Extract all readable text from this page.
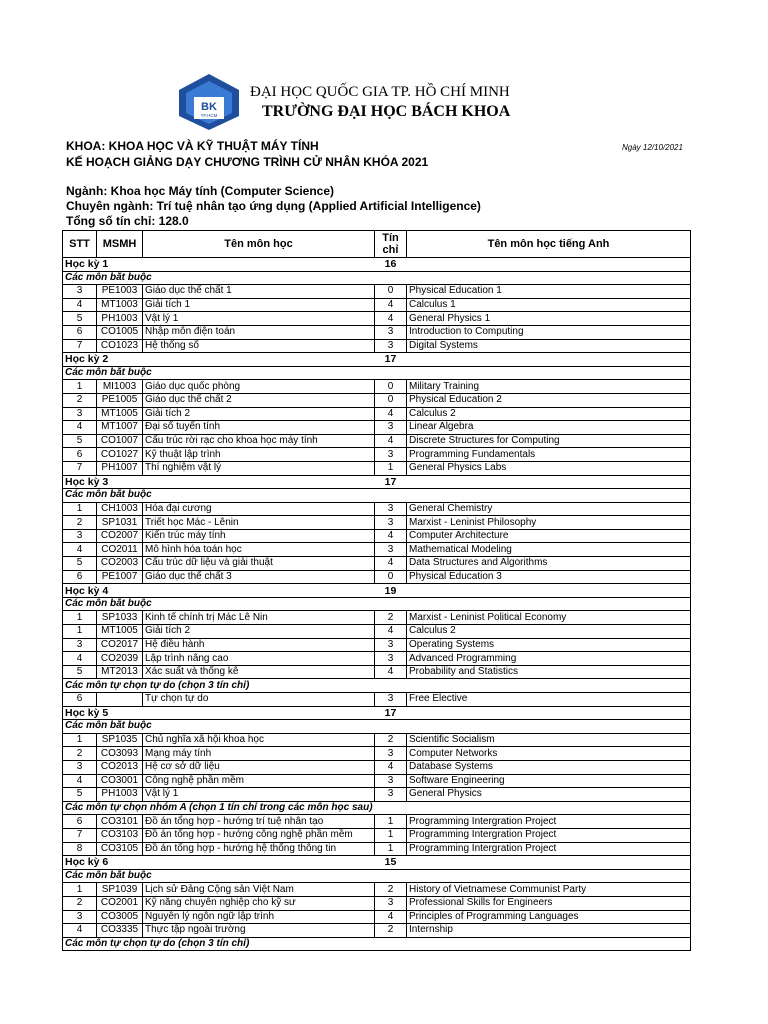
BK
TP.HCM
ĐẠI HỌC QUỐC GIA TP. HỒ CHÍ MINH
TRƯỜNG ĐẠI HỌC BÁCH KHOA
KHOA: KHOA HỌC VÀ KỸ THUẬT MÁY TÍNH	Ngày 12/10/2021
KẾ HOẠCH GIẢNG DẠY CHƯƠNG TRÌNH CỬ NHÂN KHÓA 2021
Ngành: Khoa học Máy tính (Computer Science)
Chuyên ngành: Trí tuệ nhân tạo ứng dụng (Applied Artificial Intelligence)
Tổng số tín chỉ: 128.0
STT	MSMH	Tên môn học	Tín chỉ	Tên môn học tiếng Anh
Học kỳ 1			16	
Các môn bắt buộc				
3	PE1003	Giáo dục thể chất 1	0	Physical Education 1
4	MT1003	Giải tích 1	4	Calculus 1
5	PH1003	Vật lý 1	4	General Physics 1
6	CO1005	Nhập môn điện toán	3	Introduction to Computing
7	CO1023	Hệ thống số	3	Digital Systems
Học kỳ 2			17	
Các môn bắt buộc				
1	MI1003	Giáo dục quốc phòng	0	Military Training
2	PE1005	Giáo dục thể chất 2	0	Physical Education 2
3	MT1005	Giải tích 2	4	Calculus 2
4	MT1007	Đại số tuyến tính	3	Linear Algebra
5	CO1007	Cấu trúc rời rạc cho khoa học máy tính	4	Discrete Structures for Computing
6	CO1027	Kỹ thuật lập trình	3	Programming Fundamentals
7	PH1007	Thí nghiệm vật lý	1	General Physics Labs
Học kỳ 3			17	
Các môn bắt buộc				
1	CH1003	Hóa đại cương	3	General Chemistry
2	SP1031	Triết học Mác - Lênin	3	Marxist - Leninist Philosophy
3	CO2007	Kiến trúc máy tính	4	Computer Architecture
4	CO2011	Mô hình hóa toán học	3	Mathematical Modeling
5	CO2003	Cấu trúc dữ liệu và giải thuật	4	Data Structures and Algorithms
6	PE1007	Giáo dục thể chất 3	0	Physical Education 3
Học kỳ 4			19	
Các môn bắt buộc				
1	SP1033	Kinh tế chính trị Mác Lê Nin	2	Marxist - Leninist Political Economy
1	MT1005	Giải tích 2	4	Calculus 2
3	CO2017	Hệ điều hành	3	Operating Systems
4	CO2039	Lập trình nâng cao	3	Advanced Programming
5	MT2013	Xác suất và thống kê	4	Probability and Statistics
Các môn tự chọn tự do (chọn 3 tín chỉ)				
6		Tự chọn tự do	3	Free Elective
Học kỳ 5			17	
Các môn bắt buộc				
1	SP1035	Chủ nghĩa xã hội khoa học	2	Scientific Socialism
2	CO3093	Mạng máy tính	3	Computer Networks
3	CO2013	Hệ cơ sở dữ liệu	4	Database Systems
4	CO3001	Công nghệ phần mềm	3	Software Engineering
5	PH1003	Vật lý 1	3	General Physics
Các môn tự chọn nhóm A (chọn 1 tín chỉ trong các môn học sau)				
6	CO3101	Đồ án tổng hợp - hướng trí tuệ nhân tạo	1	Programming Intergration Project
7	CO3103	Đồ án tổng hợp - hướng công nghệ phần mềm	1	Programming Intergration Project
8	CO3105	Đồ án tổng hợp - hướng hệ thống thông tin	1	Programming Intergration Project
Học kỳ 6			15	
Các môn bắt buộc				
1	SP1039	Lịch sử Đảng Cộng sản Việt Nam	2	History of Vietnamese Communist Party
2	CO2001	Kỹ năng chuyên nghiệp cho kỹ sư	3	Professional Skills for Engineers
3	CO3005	Nguyên lý ngôn ngữ lập trình	4	Principles of Programming Languages
4	CO3335	Thực tập ngoài trường	2	Internship
Các môn tự chọn tự do (chọn 3 tín chỉ)				
